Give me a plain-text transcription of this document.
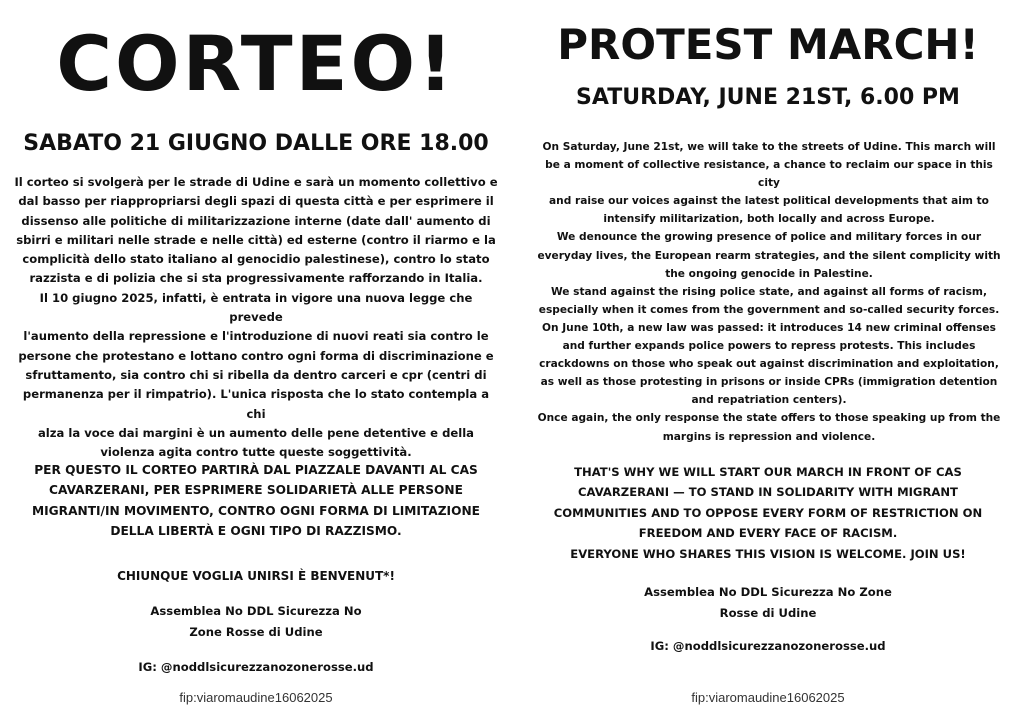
CORTEO!
SABATO 21 GIUGNO DALLE ORE 18.00

Il corteo si svolgerà per le strade di Udine e sarà un momento collettivo e

dal basso per riappropriarsi degli spazi di questa città e per esprimere il

dissenso alle politiche di militarizzazione interne (date dall' aumento di

sbirri e militari nelle strade e nelle città) ed esterne (contro il riarmo e la

complicità dello stato italiano al genocidio palestinese), contro lo stato

razzista e di polizia che si sta progressivamente rafforzando in Italia.

Il 10 giugno 2025, infatti, è entrata in vigore una nuova legge che prevede

l'aumento della repressione e l'introduzione di nuovi reati sia contro le

persone che protestano e lottano contro ogni forma di discriminazione e

sfruttamento, sia contro chi si ribella da dentro carceri e cpr (centri di

permanenza per il rimpatrio). L'unica risposta che lo stato contempla a chi

alza la voce dai margini è un aumento delle pene detentive e della

violenza agita contro tutte queste soggettività.

PER QUESTO IL CORTEO PARTIRÀ DAL PIAZZALE DAVANTI AL CAS

CAVARZERANI, PER ESPRIMERE SOLIDARIETÀ ALLE PERSONE

MIGRANTI/IN MOVIMENTO, CONTRO OGNI FORMA DI LIMITAZIONE

DELLA LIBERTÀ E OGNI TIPO DI RAZZISMO.

CHIUNQUE VOGLIA UNIRSI È BENVENUT*!

Assemblea No DDL Sicurezza No
Zone Rosse di Udine

IG: @noddlsicurezzanozonerosse.ud

fip:viaromaudine16062025

PROTEST MARCH!
SATURDAY, JUNE 21ST, 6.00 PM

On Saturday, June 21st, we will take to the streets of Udine. This march will

be a moment of collective resistance, a chance to reclaim our space in this city

and raise our voices against the latest political developments that aim to

intensify militarization, both locally and across Europe.

We denounce the growing presence of police and military forces in our

everyday lives, the European rearm strategies, and the silent complicity with

the ongoing genocide in Palestine.

We stand against the rising police state, and against all forms of racism,

especially when it comes from the government and so-called security forces.

On June 10th, a new law was passed: it introduces 14 new criminal offenses

and further expands police powers to repress protests. This includes

crackdowns on those who speak out against discrimination and exploitation,

as well as those protesting in prisons or inside CPRs (immigration detention

and repatriation centers).

Once again, the only response the state offers to those speaking up from the

margins is repression and violence.

THAT'S WHY WE WILL START OUR MARCH IN FRONT OF CAS

CAVARZERANI — TO STAND IN SOLIDARITY WITH MIGRANT

COMMUNITIES AND TO OPPOSE EVERY FORM OF RESTRICTION ON

FREEDOM AND EVERY FACE OF RACISM.

EVERYONE WHO SHARES THIS VISION IS WELCOME. JOIN US!

Assemblea No DDL Sicurezza No Zone
Rosse di Udine

IG: @noddlsicurezzanozonerosse.ud

fip:viaromaudine16062025
